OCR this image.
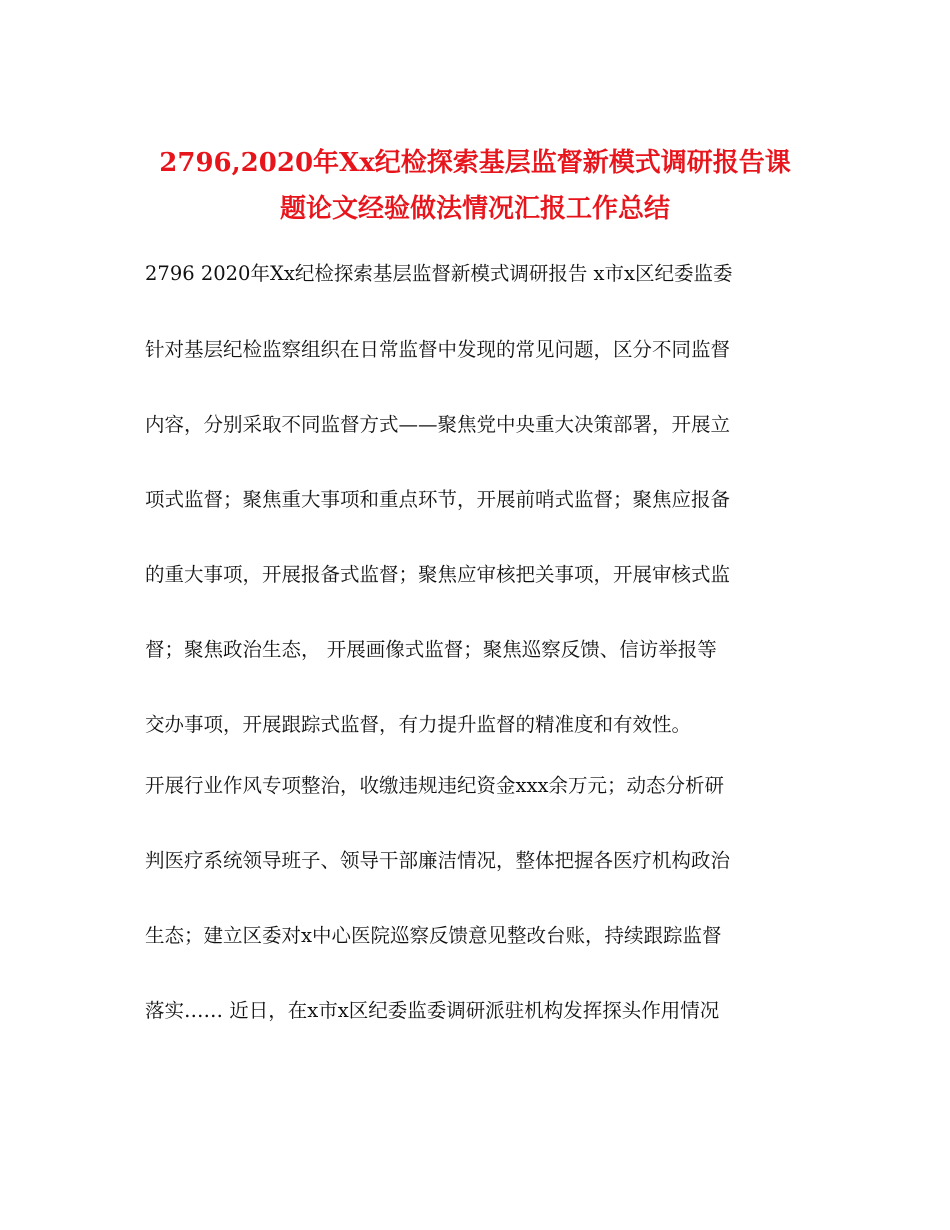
2796,2020年Xx纪检探索基层监督新模式调研报告课
题论文经验做法情况汇报工作总结
2796 2020年Xx纪检探索基层监督新模式调研报告 x市x区纪委监委
针对基层纪检监察组织在日常监督中发现的常见问题，区分不同监督
内容，分别采取不同监督方式——聚焦党中央重大决策部署，开展立
项式监督；聚焦重大事项和重点环节，开展前哨式监督；聚焦应报备
的重大事项，开展报备式监督；聚焦应审核把关事项，开展审核式监
督；聚焦政治生态， 开展画像式监督；聚焦巡察反馈、信访举报等
交办事项，开展跟踪式监督，有力提升监督的精准度和有效性。
开展行业作风专项整治，收缴违规违纪资金xxx余万元；动态分析研
判医疗系统领导班子、领导干部廉洁情况，整体把握各医疗机构政治
生态；建立区委对x中心医院巡察反馈意见整改台账，持续跟踪监督
落实…… 近日，在x市x区纪委监委调研派驻机构发挥探头作用情况
